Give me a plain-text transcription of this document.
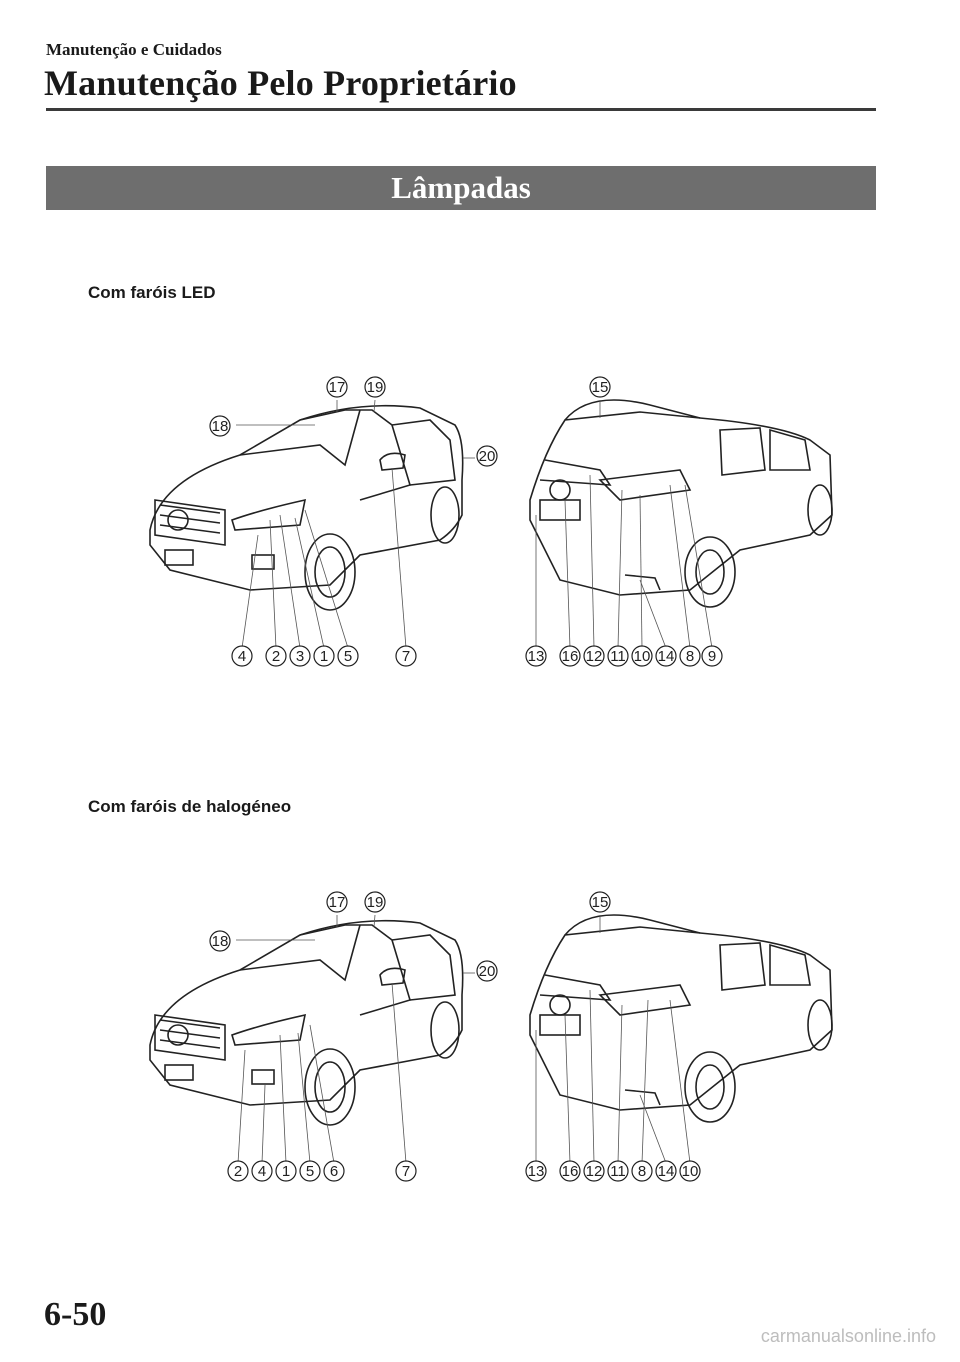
Manutenção e Cuidados
Manutenção Pelo Proprietário
Lâmpadas
Com faróis LED
Com faróis de halogéneo
17 19
18
20
4 2 3 1 5	7
15
13 16 12 11 10 14 8 9
17 19
18
20
2 4 1 5 6	7
15
13 16 12 11 8 14 10
6-50
carmanualsonline.info
